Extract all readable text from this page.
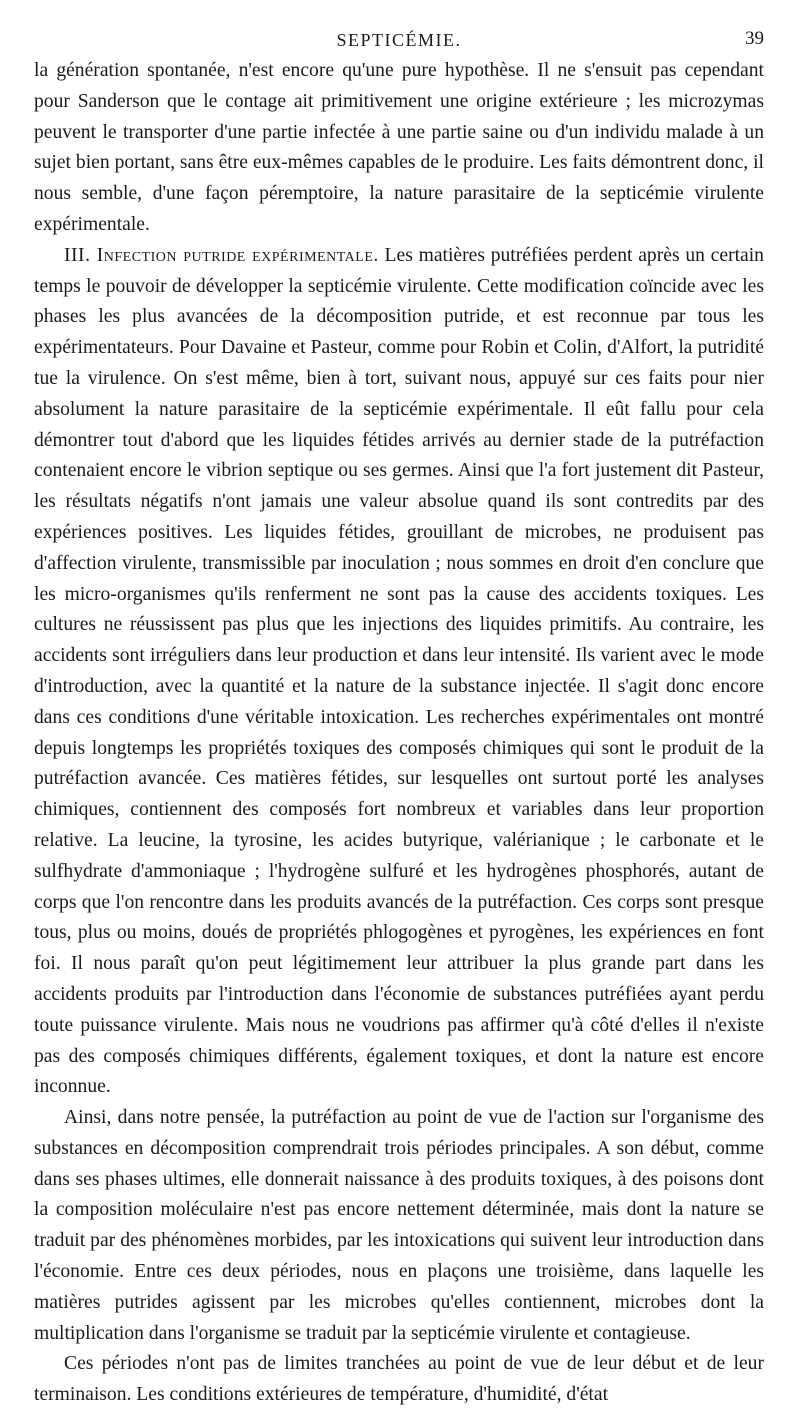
SEPTICÉMIE.	39

la génération spontanée, n'est encore qu'une pure hypothèse. Il ne s'ensuit pas cependant pour Sanderson que le contage ait primitivement une origine extérieure ; les microzymas peuvent le transporter d'une partie infectée à une partie saine ou d'un individu malade à un sujet bien portant, sans être eux-mêmes capables de le produire. Les faits démontrent donc, il nous semble, d'une façon péremptoire, la nature parasitaire de la septicémie virulente expérimentale.

III. Infection putride expérimentale. Les matières putréfiées perdent après un certain temps le pouvoir de développer la septicémie virulente. Cette modification coïncide avec les phases les plus avancées de la décomposition putride, et est reconnue par tous les expérimentateurs. Pour Davaine et Pasteur, comme pour Robin et Colin, d'Alfort, la putridité tue la virulence. On s'est même, bien à tort, suivant nous, appuyé sur ces faits pour nier absolument la nature parasitaire de la septicémie expérimentale. Il eût fallu pour cela démontrer tout d'abord que les liquides fétides arrivés au dernier stade de la putréfaction contenaient encore le vibrion septique ou ses germes. Ainsi que l'a fort justement dit Pasteur, les résultats négatifs n'ont jamais une valeur absolue quand ils sont contredits par des expériences positives. Les liquides fétides, grouillant de microbes, ne produisent pas d'affection virulente, transmissible par inoculation ; nous sommes en droit d'en conclure que les micro-organismes qu'ils renferment ne sont pas la cause des accidents toxiques. Les cultures ne réussissent pas plus que les injections des liquides primitifs. Au contraire, les accidents sont irréguliers dans leur production et dans leur intensité. Ils varient avec le mode d'introduction, avec la quantité et la nature de la substance injectée. Il s'agit donc encore dans ces conditions d'une véritable intoxication. Les recherches expérimentales ont montré depuis longtemps les propriétés toxiques des composés chimiques qui sont le produit de la putréfaction avancée. Ces matières fétides, sur lesquelles ont surtout porté les analyses chimiques, contiennent des composés fort nombreux et variables dans leur proportion relative. La leucine, la tyrosine, les acides butyrique, valérianique ; le carbonate et le sulfhydrate d'ammoniaque ; l'hydrogène sulfuré et les hydrogènes phosphorés, autant de corps que l'on rencontre dans les produits avancés de la putréfaction. Ces corps sont presque tous, plus ou moins, doués de propriétés phlogogènes et pyrogènes, les expériences en font foi. Il nous paraît qu'on peut légitimement leur attribuer la plus grande part dans les accidents produits par l'introduction dans l'économie de substances putréfiées ayant perdu toute puissance virulente. Mais nous ne voudrions pas affirmer qu'à côté d'elles il n'existe pas des composés chimiques différents, également toxiques, et dont la nature est encore inconnue.

Ainsi, dans notre pensée, la putréfaction au point de vue de l'action sur l'organisme des substances en décomposition comprendrait trois périodes principales. A son début, comme dans ses phases ultimes, elle donnerait naissance à des produits toxiques, à des poisons dont la composition moléculaire n'est pas encore nettement déterminée, mais dont la nature se traduit par des phénomènes morbides, par les intoxications qui suivent leur introduction dans l'économie. Entre ces deux périodes, nous en plaçons une troisième, dans laquelle les matières putrides agissent par les microbes qu'elles contiennent, microbes dont la multiplication dans l'organisme se traduit par la septicémie virulente et contagieuse.

Ces périodes n'ont pas de limites tranchées au point de vue de leur début et de leur terminaison. Les conditions extérieures de température, d'humidité, d'état
